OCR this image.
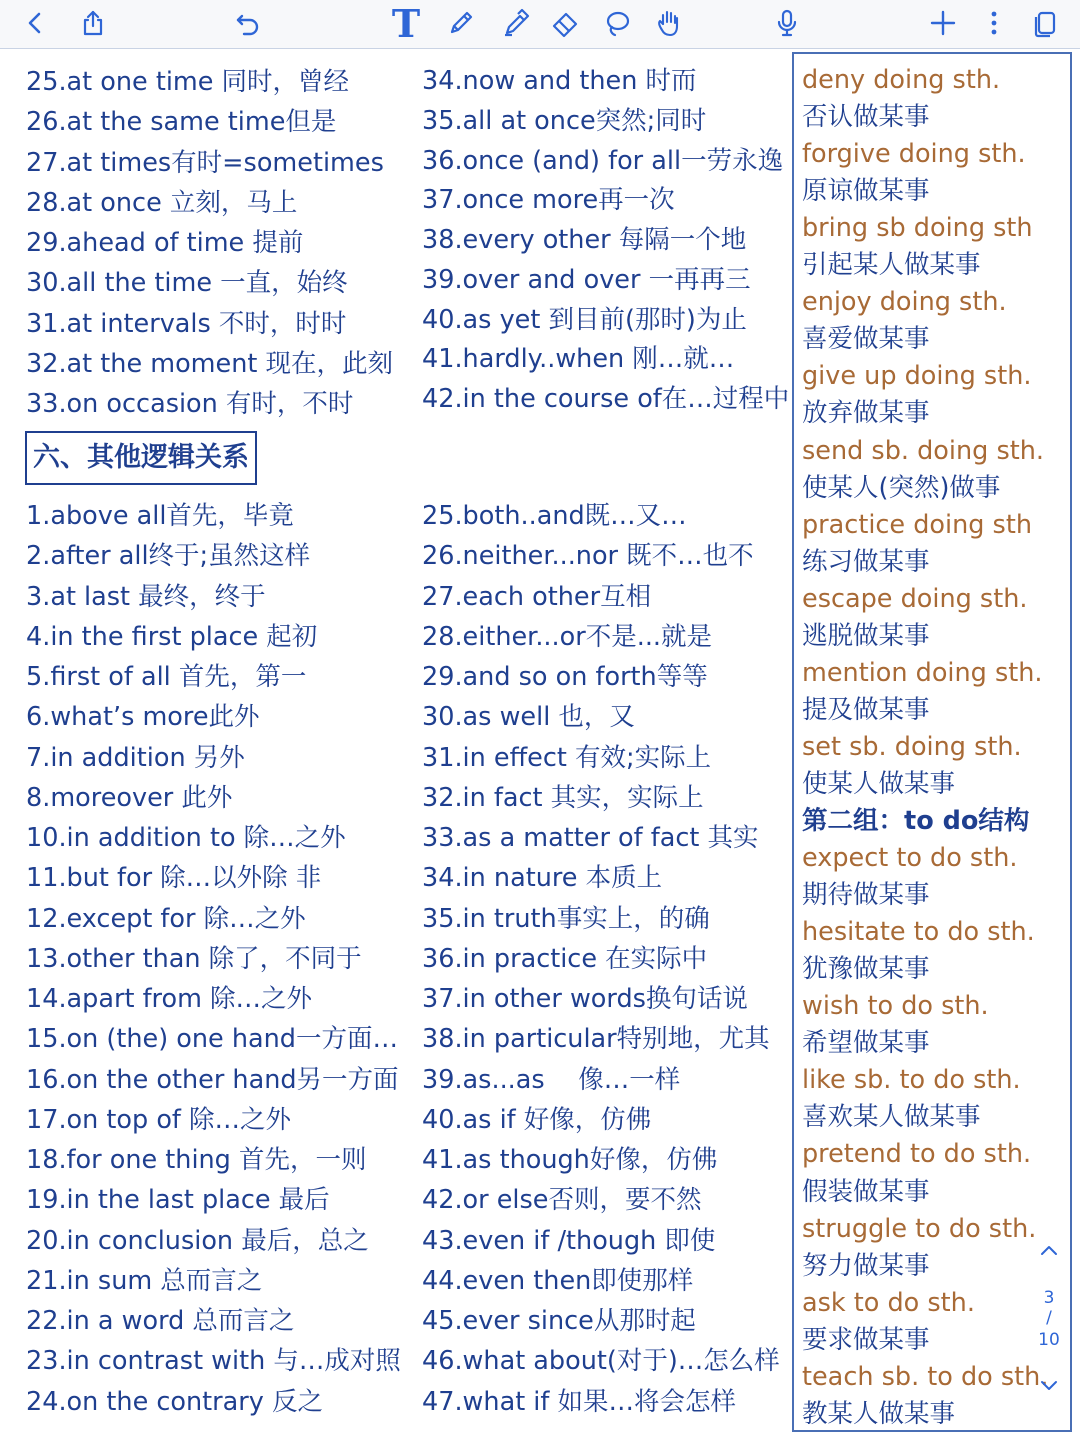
T
25.at one time 同时，曾经
26.at the same time但是
27.at times有时=sometimes
28.at once 立刻，马上
29.ahead of time 提前
30.all the time 一直，始终
31.at intervals 不时，时时
32.at the moment 现在，此刻
33.on occasion 有时，不时
1.above all首先，毕竟
2.after all终于;虽然这样
3.at last 最终，终于
4.in the first place 起初
5.first of all 首先，第一
6.what’s more此外
7.in addition 另外
8.moreover 此外
10.in addition to 除…之外
11.but for 除…以外除 非
12.except for 除…之外
13.other than 除了，不同于
14.apart from 除…之外
15.on (the) one hand一方面…
16.on the other hand另一方面
17.on top of 除…之外
18.for one thing 首先，一则
19.in the last place 最后
20.in conclusion 最后，总之
21.in sum 总而言之
22.in a word 总而言之
23.in contrast with 与…成对照
24.on the contrary 反之
34.now and then 时而
35.all at once突然;同时
36.once (and) for all一劳永逸
37.once more再一次
38.every other 每隔一个地
39.over and over 一再再三
40.as yet 到目前(那时)为止
41.hardly..when 刚…就…
42.in the course of在…过程中
25.both..and既…又…
26.neither...nor 既不…也不
27.each other互相
28.either...or不是...就是
29.and so on forth等等
30.as well 也，又
31.in effect 有效;实际上
32.in fact 其实，实际上
33.as a matter of fact 其实
34.in nature 本质上
35.in truth事实上，的确
36.in practice 在实际中
37.in other words换句话说
38.in particular特别地，尤其
39.as...as　 像…一样
40.as if 好像，仿佛
41.as though好像，仿佛
42.or else否则，要不然
43.even if /though 即使
44.even then即使那样
45.ever since从那时起
46.what about(对于)…怎么样
47.what if 如果…将会怎样
六、其他逻辑关系
deny doing sth.
否认做某事
forgive doing sth.
原谅做某事
bring sb doing sth
引起某人做某事
enjoy doing sth.
喜爱做某事
give up doing sth.
放弃做某事
send sb. doing sth.
使某人(突然)做事
practice doing sth
练习做某事
escape doing sth.
逃脱做某事
mention doing sth.
提及做某事
set sb. doing sth.
使某人做某事
第二组：to do结构
expect to do sth.
期待做某事
hesitate to do sth.
犹豫做某事
wish to do sth.
希望做某事
like sb. to do sth.
喜欢某人做某事
pretend to do sth.
假装做某事
struggle to do sth.
努力做某事
ask to do sth.
要求做某事
teach sb. to do sth.
教某人做某事
3
/
10
